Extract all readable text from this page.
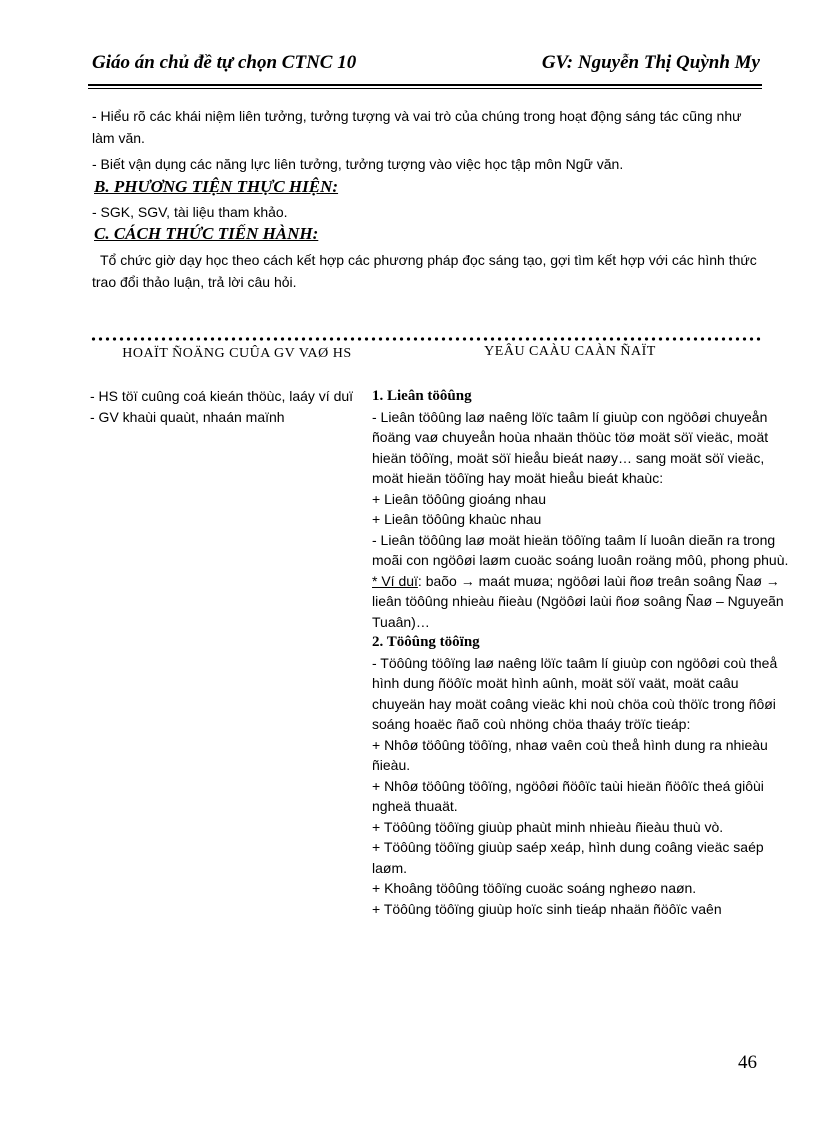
Giáo án chủ đề tự chọn CTNC 10	GV: Nguyễn Thị Quỳnh My
- Hiểu rõ các khái niệm liên tưởng, tưởng tượng và vai trò của chúng trong hoạt động sáng tác cũng như làm văn.
- Biết vận dụng các năng lực liên tưởng, tưởng tượng vào việc học tập môn Ngữ văn.
B. PHƯƠNG TIỆN THỰC HIỆN:
- SGK, SGV, tài liệu tham khảo.
C. CÁCH THỨC TIẾN HÀNH:
Tổ chức giờ dạy học theo cách kết hợp các phương pháp đọc sáng tạo, gợi tìm kết hợp với các hình thức trao đổi thảo luận, trả lời câu hỏi.
HOAÏT ÑOÄNG CUÛA GV VAØ HS	YEÂU CAÀU CAÀN ÑAÏT
- HS töï cuûng coá kieán thöùc, laáy ví duï
- GV khaùi quaùt, nhaán maïnh
1. Lieân töôûng
- Lieân töôûng laø naêng löïc taâm lí giuùp con ngöôøi chuyeån ñoäng vaø chuyeån hoùa nhaän thöùc töø moät söï vieäc, moät hieän töôïng, moät söï hieåu bieát naøy… sang moät söï vieäc, moät hieän töôïng hay moät hieåu bieát khaùc:
+ Lieân töôûng gioáng nhau
+ Lieân töôûng khaùc nhau
- Lieân töôûng laø moät hieän töôïng taâm lí luoân dieãn ra trong moãi con ngöôøi laøm cuoäc soáng luoân roäng môû, phong phuù.
* Ví duï: baõo → maát muøa; ngöôøi laùi ñoø treân soâng Ñaø → lieân töôûng nhieàu ñieàu (Ngöôøi laùi ñoø soâng Ñaø – Nguyeãn Tuaân)…
2. Töôûng töôïng
- Töôûng töôïng laø naêng löïc taâm lí giuùp con ngöôøi coù theå hình dung ñöôïc moät hình aûnh, moät söï vaät, moät caâu chuyeän hay moät coâng vieäc khi noù chöa coù thöïc trong ñôøi soáng hoaëc ñaõ coù nhöng chöa thaáy tröïc tieáp:
+ Nhôø töôûng töôïng, nhaø vaên coù theå hình dung ra nhieàu ñieàu.
+ Nhôø töôûng töôïng, ngöôøi ñöôïc taùi hieän ñöôïc theá giôùi ngheä thuaät.
+ Töôûng töôïng giuùp phaùt minh nhieàu ñieàu thuù vò.
+ Töôûng töôïng giuùp saép xeáp, hình dung coâng vieäc saép laøm.
+ Khoâng töôûng töôïng cuoäc soáng ngheøo naøn.
+ Töôûng töôïng giuùp hoïc sinh tieáp nhaän ñöôïc vaên
46
